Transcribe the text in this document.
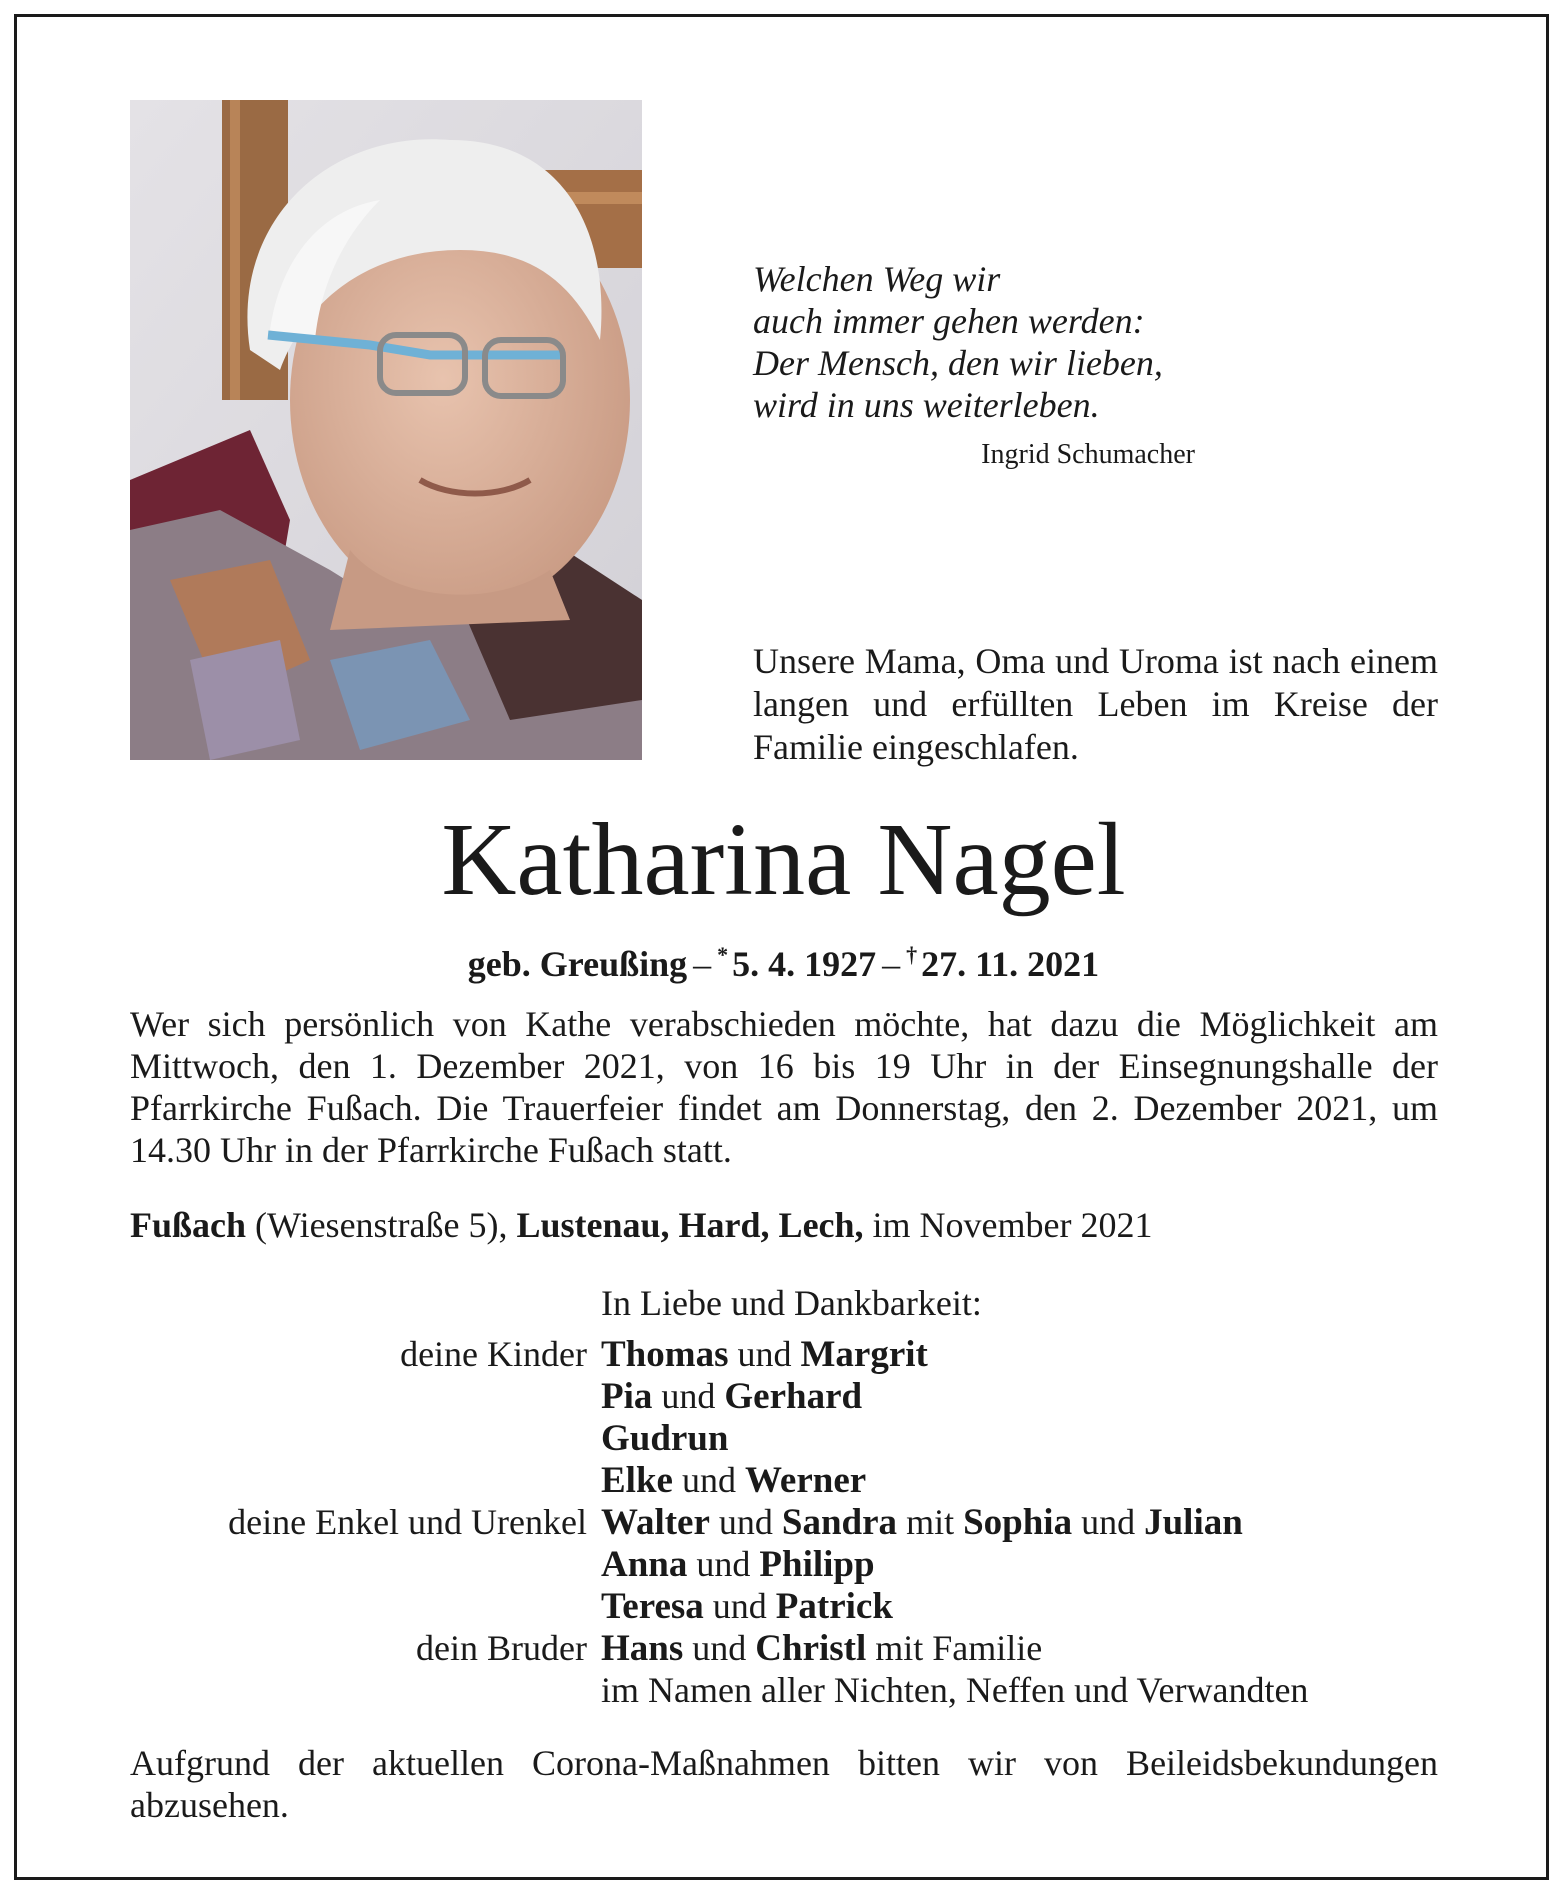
Welchen Weg wir
auch immer gehen werden:
Der Mensch, den wir lieben,
wird in uns weiterleben.
Ingrid Schumacher
Unsere Mama, Oma und Uroma ist nach einem langen und erfüllten Leben im Kreise der Familie eingeschlafen.
Katharina Nagel
geb. Greußing – * 5. 4. 1927 – † 27. 11. 2021
Wer sich persönlich von Kathe verabschieden möchte, hat dazu die Möglichkeit am Mittwoch, den 1. Dezember 2021, von 16 bis 19 Uhr in der Einsegnungshalle der Pfarrkirche Fußach. Die Trauerfeier findet am Donnerstag, den 2. Dezember 2021, um 14.30 Uhr in der Pfarrkirche Fußach statt.
Fußach (Wiesenstraße 5), Lustenau, Hard, Lech, im November 2021
In Liebe und Dankbarkeit:
deine Kinder Thomas und Margrit
Pia und Gerhard
Gudrun
Elke und Werner
deine Enkel und Urenkel Walter und Sandra mit Sophia und Julian
Anna und Philipp
Teresa und Patrick
dein Bruder Hans und Christl mit Familie
im Namen aller Nichten, Neffen und Verwandten
Aufgrund der aktuellen Corona-Maßnahmen bitten wir von Beileidsbekundungen abzusehen.
